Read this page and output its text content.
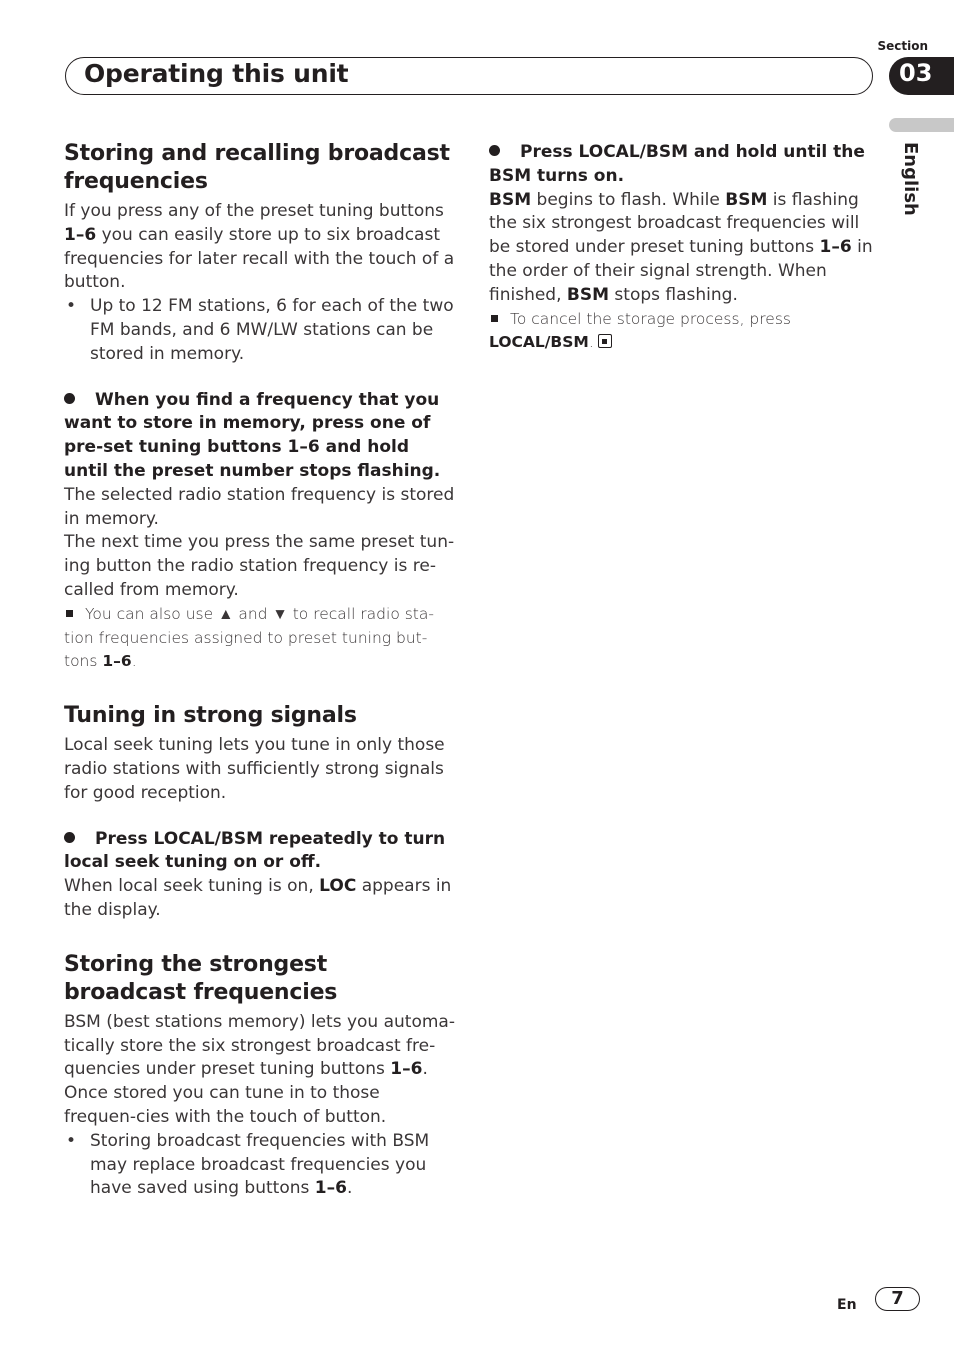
Section
Operating this unit	03
English
Storing and recalling broadcast frequencies

If you press any of the preset tuning buttons
1–6 you can easily store up to six broadcast frequencies for later recall with the touch of a button.

• Up to 12 FM stations, 6 for each of the two FM bands, and 6 MW/LW stations can be stored in memory.

When you find a frequency that you want to store in memory, press one of pre-set tuning buttons 1–6 and hold until the preset number stops flashing.

The selected radio station frequency is stored in memory.

The next time you press the same preset tun-ing button the radio station frequency is re-called from memory.

You can also use ▲ and ▼ to recall radio sta-tion frequencies assigned to preset tuning but-tons 1–6.

Tuning in strong signals

Local seek tuning lets you tune in only those radio stations with sufficiently strong signals for good reception.

Press LOCAL/BSM repeatedly to turn local seek tuning on or off.

When local seek tuning is on, LOC appears in the display.

Storing the strongest broadcast frequencies

BSM (best stations memory) lets you automa-tically store the six strongest broadcast fre-quencies under preset tuning buttons 1–6.

Once stored you can tune in to those frequen-cies with the touch of button.

• Storing broadcast frequencies with BSM may replace broadcast frequencies you have saved using buttons 1–6.

Press LOCAL/BSM and hold until the BSM turns on.

BSM begins to flash. While BSM is flashing the six strongest broadcast frequencies will be stored under preset tuning buttons 1–6 in the order of their signal strength. When finished, BSM stops flashing.

To cancel the storage process, press
LOCAL/BSM.

En	7
